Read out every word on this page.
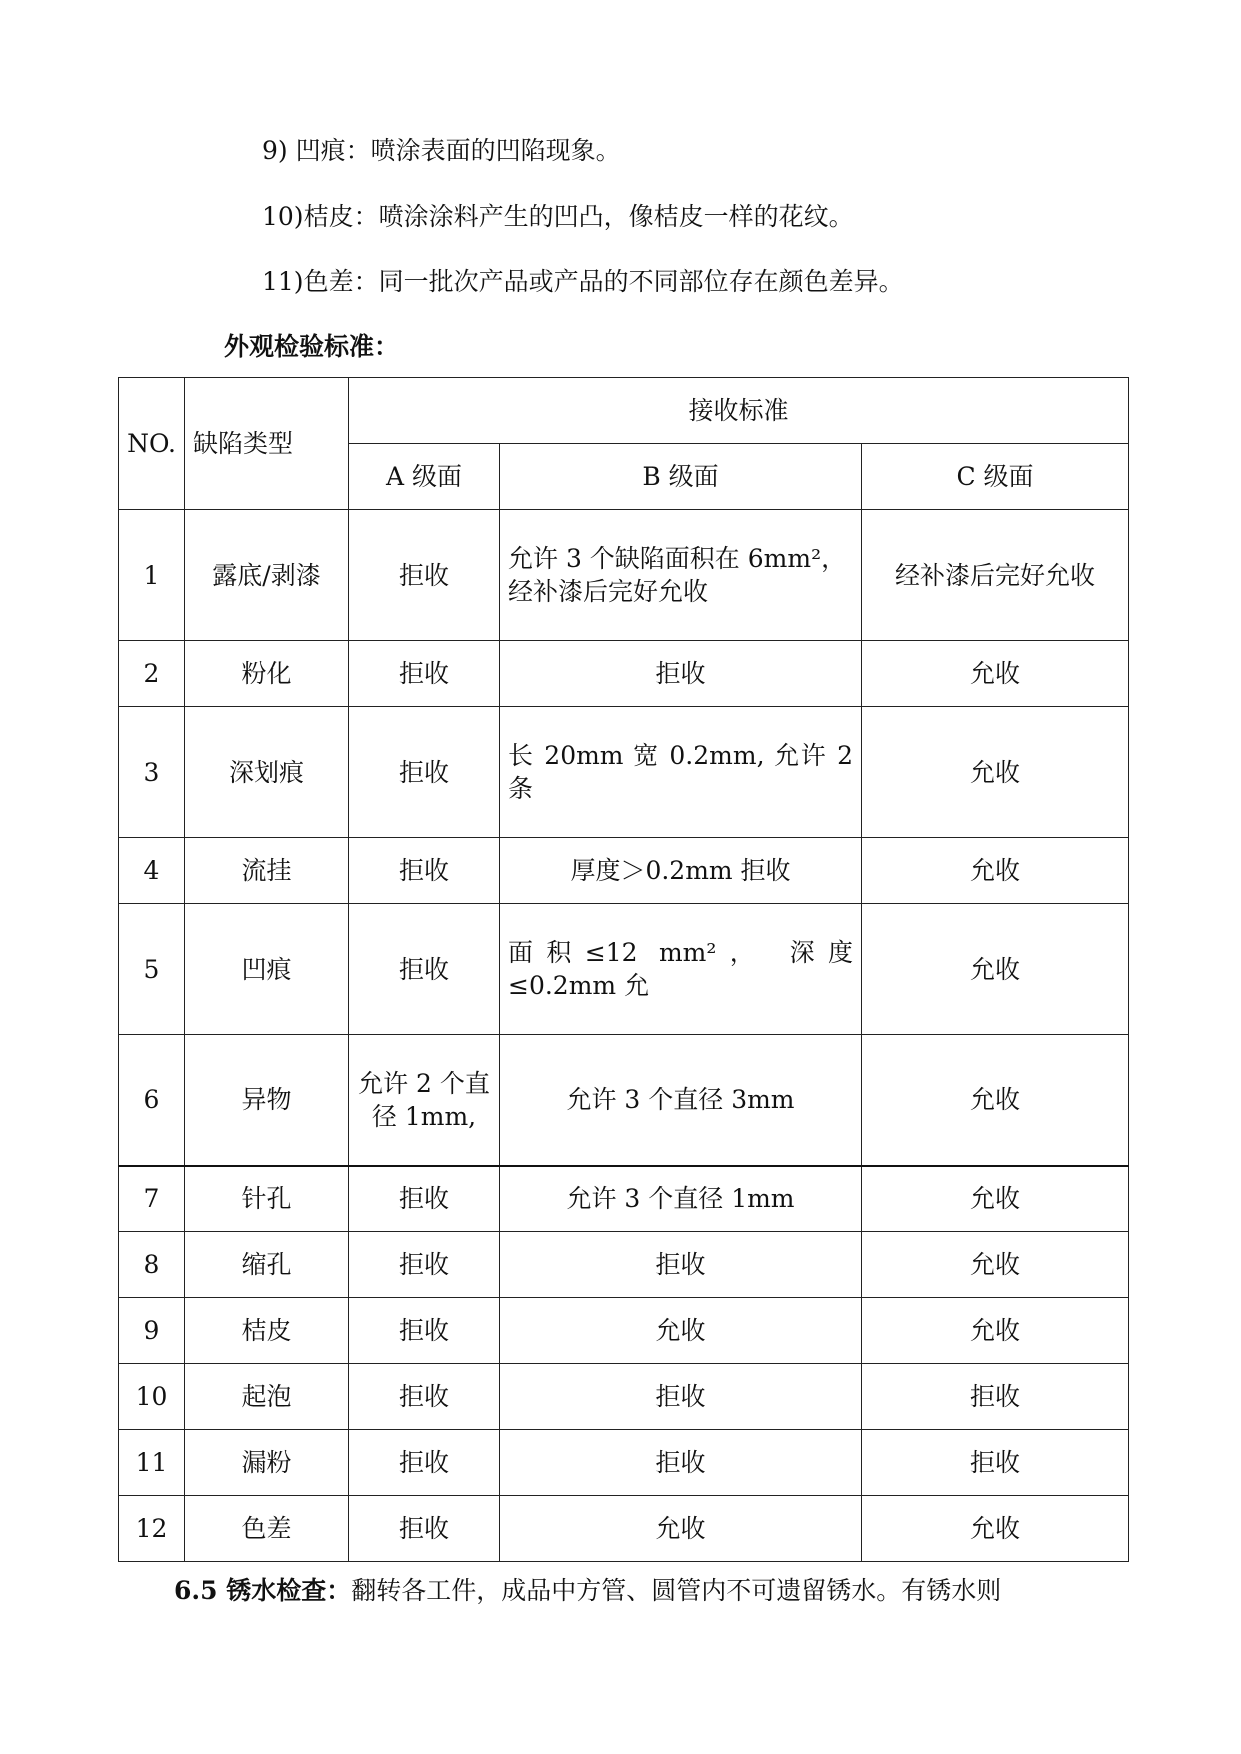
9) 凹痕：喷涂表面的凹陷现象。
10)桔皮：喷涂涂料产生的凹凸，像桔皮一样的花纹。
11)色差：同一批次产品或产品的不同部位存在颜色差异。
外观检验标准：
NO.	缺陷类型	接收标准		
		A 级面	B 级面	C 级面
1	露底/剥漆	拒收	允许 3 个缺陷面积在 6mm²，经补漆后完好允收	经补漆后完好允收
2	粉化	拒收	拒收	允收
3	深划痕	拒收	长 20mm 宽 0.2mm, 允许 2 条	允收
4	流挂	拒收	厚度＞0.2mm 拒收	允收
5	凹痕	拒收	面积≤12 mm²， 深度≤0.2mm 允	允收
6	异物	允许 2 个直径 1mm,	允许 3 个直径 3mm	允收
7	针孔	拒收	允许 3 个直径 1mm	允收
8	缩孔	拒收	拒收	允收
9	桔皮	拒收	允收	允收
10	起泡	拒收	拒收	拒收
11	漏粉	拒收	拒收	拒收
12	色差	拒收	允收	允收
6.5 锈水检查：翻转各工件，成品中方管、圆管内不可遗留锈水。有锈水则
